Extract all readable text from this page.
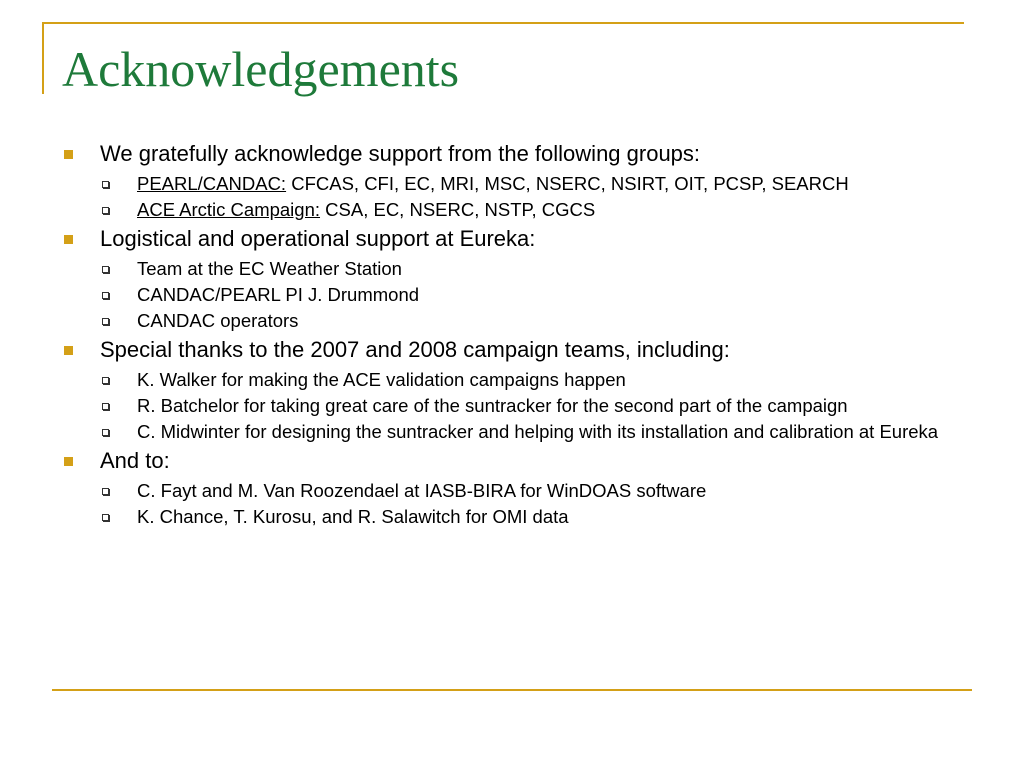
Acknowledgements
We gratefully acknowledge support from the following groups:
PEARL/CANDAC: CFCAS, CFI, EC, MRI, MSC, NSERC, NSIRT, OIT, PCSP, SEARCH
ACE Arctic Campaign: CSA, EC, NSERC, NSTP, CGCS
Logistical and operational support at Eureka:
Team at the EC Weather Station
CANDAC/PEARL PI J. Drummond
CANDAC operators
Special thanks to the 2007 and 2008 campaign teams, including:
K. Walker for making the ACE validation campaigns happen
R. Batchelor for taking great care of the suntracker for the second part of the campaign
C. Midwinter for designing the suntracker and helping with its installation and calibration at Eureka
And to:
C. Fayt and M. Van Roozendael at IASB-BIRA for WinDOAS software
K. Chance, T. Kurosu, and R. Salawitch for OMI data
